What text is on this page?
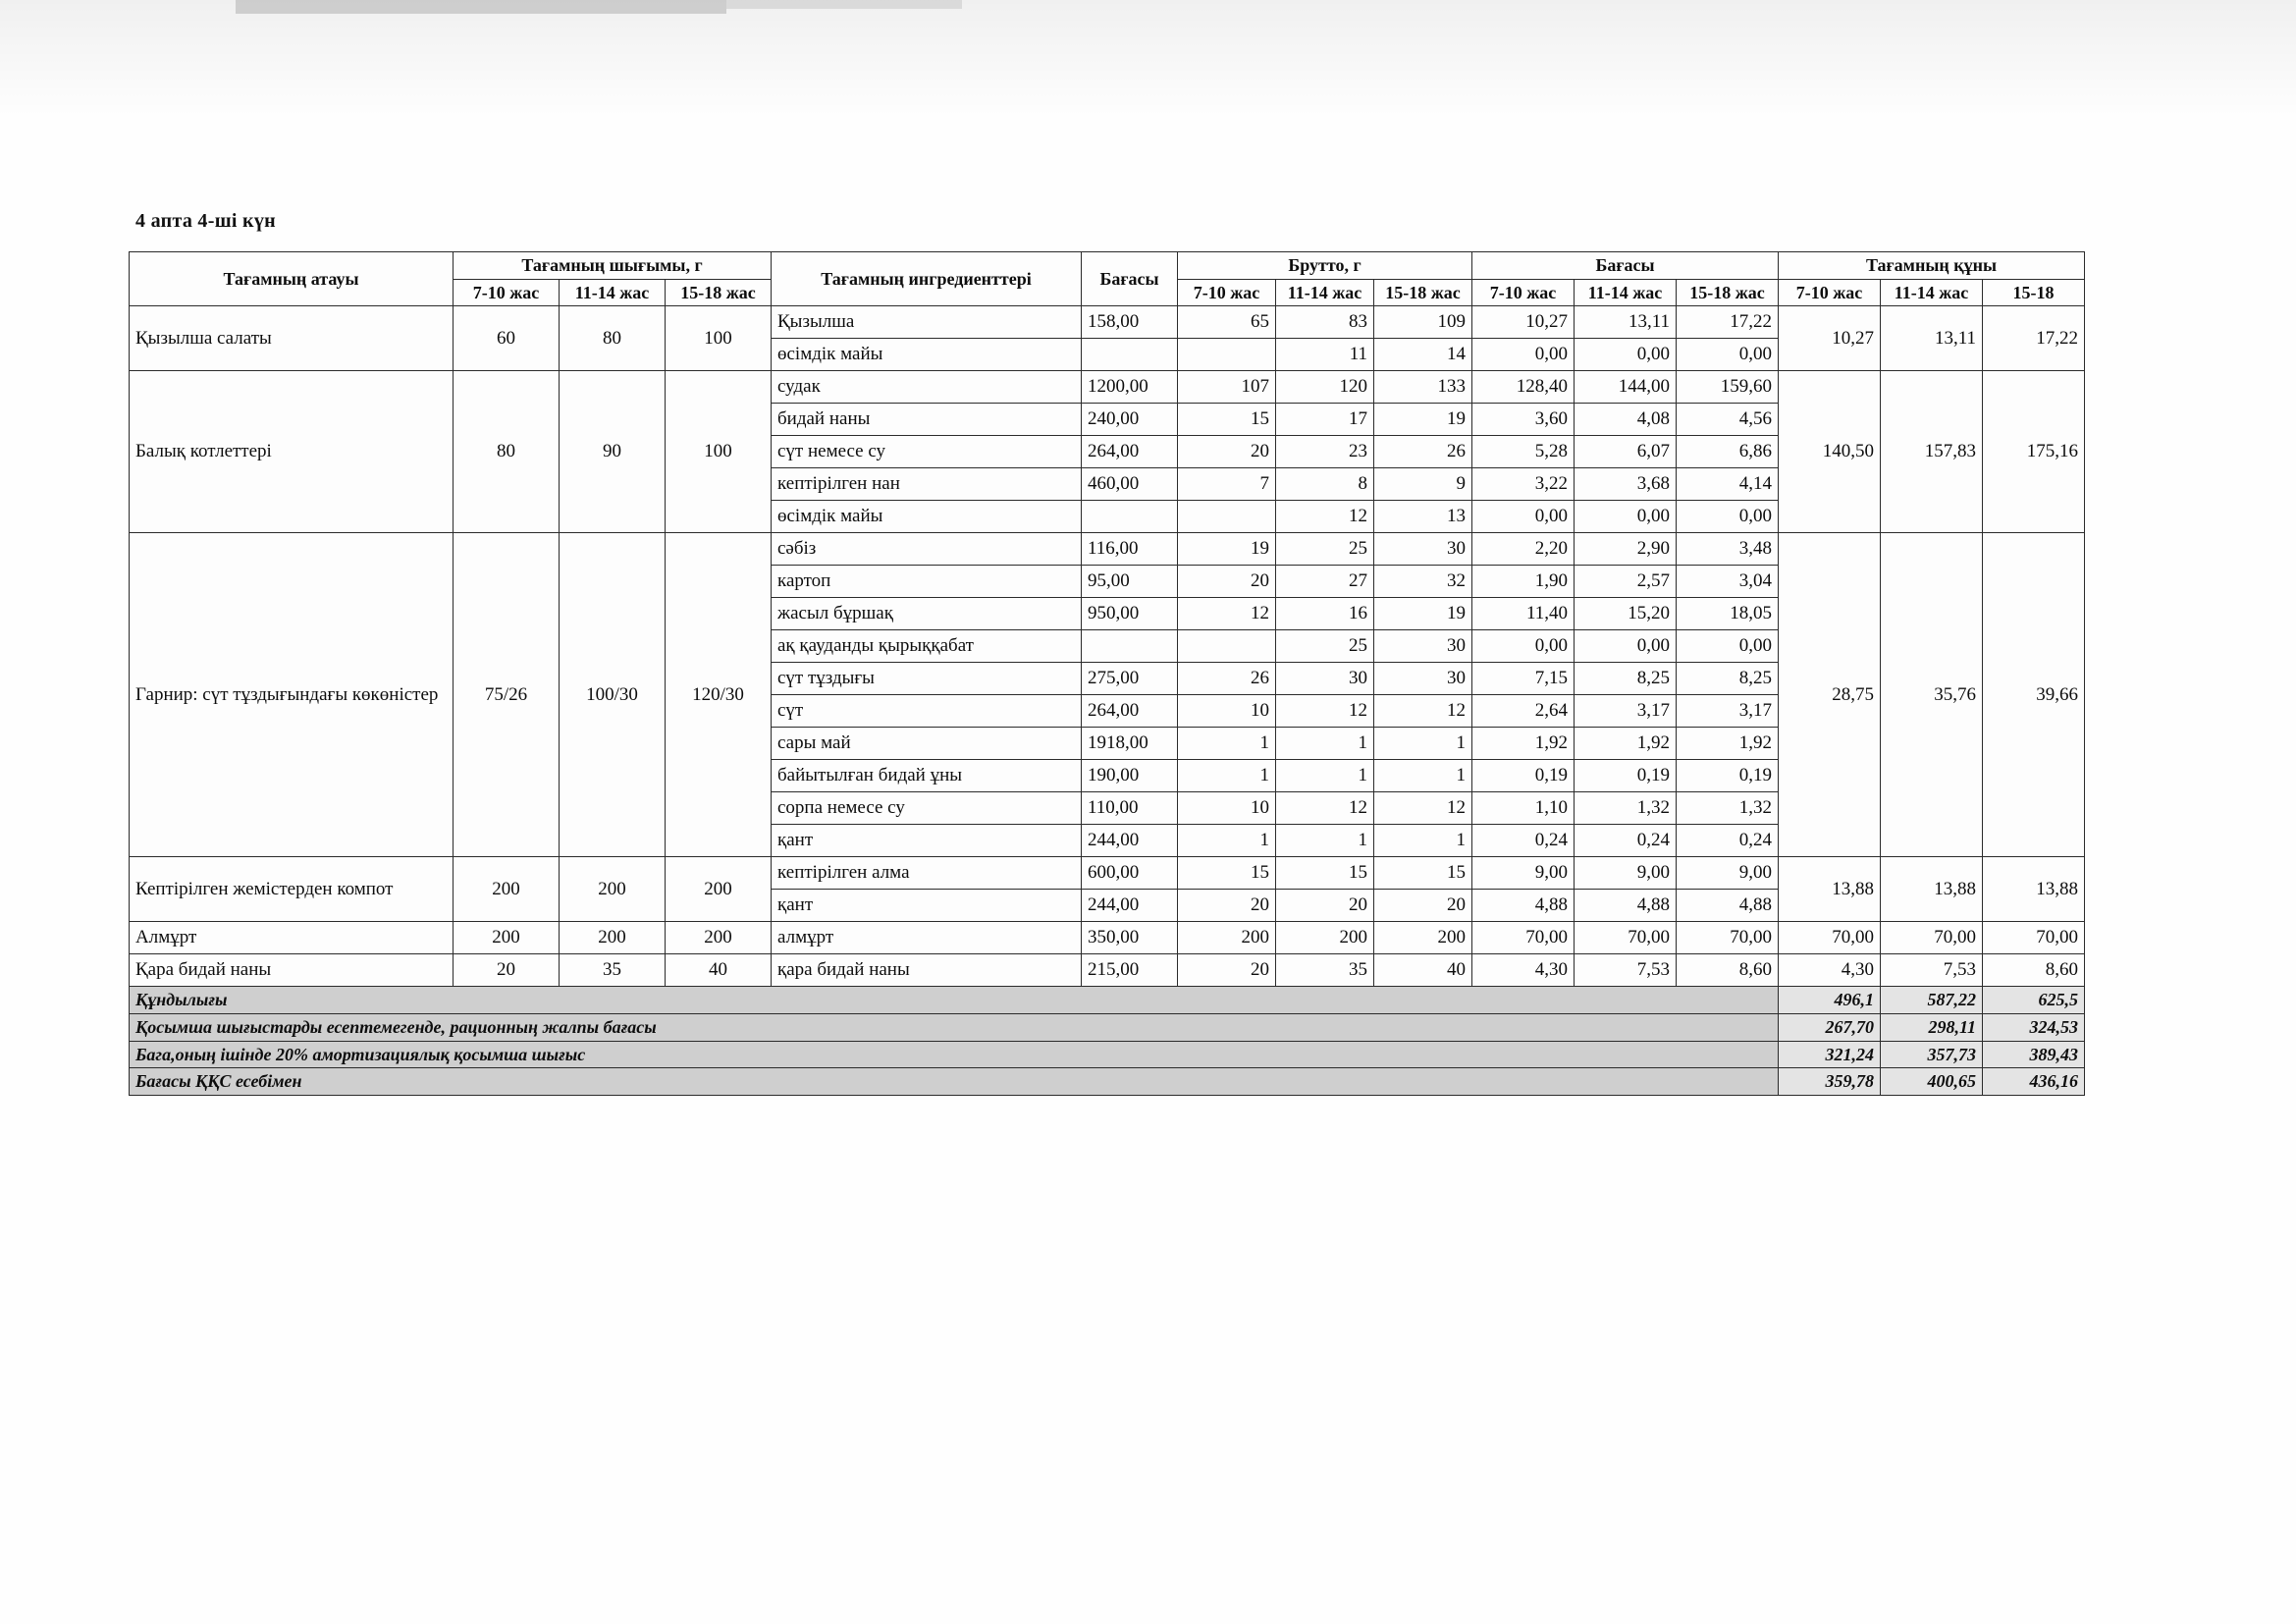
4 апта 4-ші күн
Тағамның атауы	Тағамның шығымы, г			Тағамның ингредиенттері	Бағасы	Брутто, г			Бағасы			Тағамның құны		
	7-10 жас	11-14 жас	15-18 жас			7-10 жас	11-14 жас	15-18 жас	7-10 жас	11-14 жас	15-18 жас	7-10 жас	11-14 жас	15-18
Қызылша салаты	60	80	100	Қызылша	158,00	65	83	109	10,27	13,11	17,22	10,27	13,11	17,22
				өсімдік майы			11	14	0,00	0,00	0,00			
Балық котлеттері	80	90	100	судак	1200,00	107	120	133	128,40	144,00	159,60	140,50	157,83	175,16
				бидай наны	240,00	15	17	19	3,60	4,08	4,56			
				сүт немесе су	264,00	20	23	26	5,28	6,07	6,86			
				кептірілген нан	460,00	7	8	9	3,22	3,68	4,14			
				өсімдік майы			12	13	0,00	0,00	0,00			
Гарнир: сүт тұздығындағы көкөністер	75/26	100/30	120/30	сәбіз	116,00	19	25	30	2,20	2,90	3,48	28,75	35,76	39,66
				картоп	95,00	20	27	32	1,90	2,57	3,04			
				жасыл бұршақ	950,00	12	16	19	11,40	15,20	18,05			
				ақ қауданды қырыққабат			25	30	0,00	0,00	0,00			
				сүт тұздығы	275,00	26	30	30	7,15	8,25	8,25			
				сүт	264,00	10	12	12	2,64	3,17	3,17			
				сары май	1918,00	1	1	1	1,92	1,92	1,92			
				байытылған бидай ұны	190,00	1	1	1	0,19	0,19	0,19			
				сорпа немесе су	110,00	10	12	12	1,10	1,32	1,32			
				қант	244,00	1	1	1	0,24	0,24	0,24			
Кептірілген жемістерден компот	200	200	200	кептірілген алма	600,00	15	15	15	9,00	9,00	9,00	13,88	13,88	13,88
				қант	244,00	20	20	20	4,88	4,88	4,88			
Алмұрт	200	200	200	алмұрт	350,00	200	200	200	70,00	70,00	70,00	70,00	70,00	70,00
Қара бидай наны	20	35	40	қара бидай наны	215,00	20	35	40	4,30	7,53	8,60	4,30	7,53	8,60
Құндылығы												496,1	587,22	625,5
Қосымша шығыстарды есептемегенде, рационның жалпы бағасы												267,70	298,11	324,53
Бага,оның ішінде 20% амортизациялық қосымша шығыс												321,24	357,73	389,43
Бағасы ҚҚС есебімен												359,78	400,65	436,16
